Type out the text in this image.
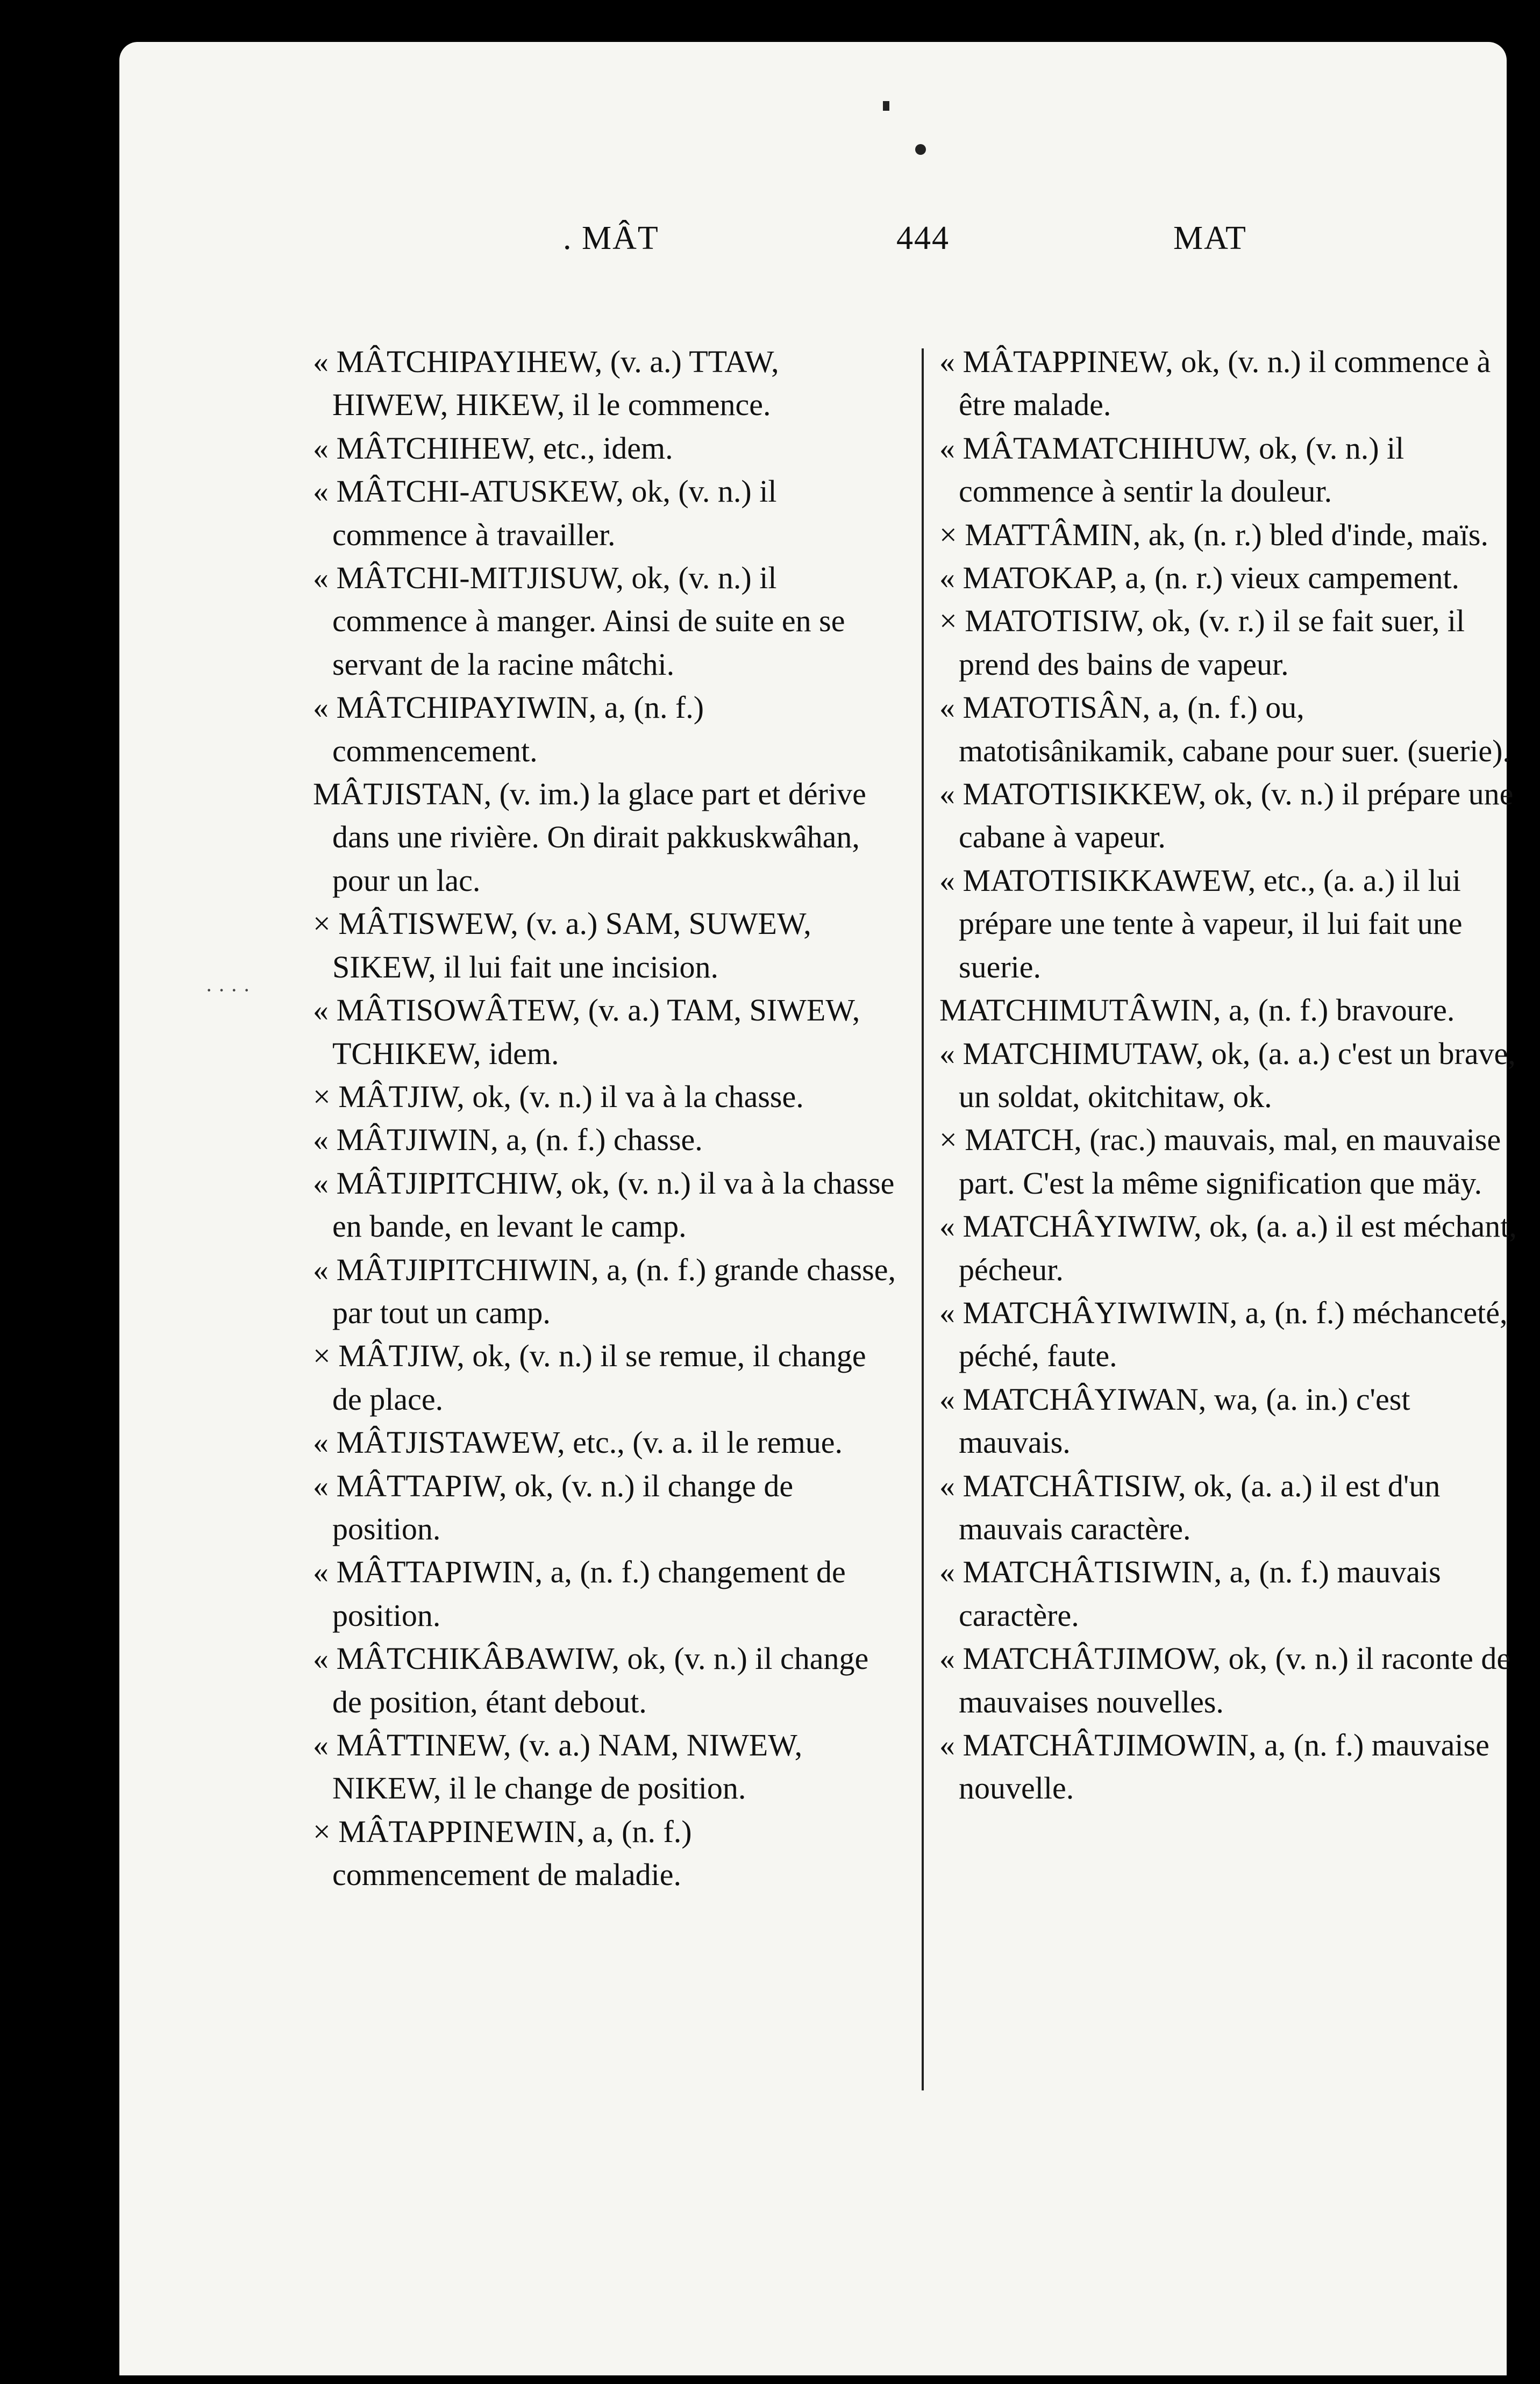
. MÂT	444	MAT

« MÂTCHIPAYIHEW, (v. a.) TTAW, HIWEW, HIKEW, il le commence.

« MÂTCHIHEW, etc., idem.

« MÂTCHI-ATUSKEW, ok, (v. n.) il commence à travailler.

« MÂTCHI-MITJISUW, ok, (v. n.) il commence à manger. Ainsi de suite en se servant de la racine mâtchi.

« MÂTCHIPAYIWIN, a, (n. f.) commencement.

MÂTJISTAN, (v. im.) la glace part et dérive dans une rivière. On dirait pakkuskwâhan, pour un lac.

× MÂTISWEW, (v. a.) SAM, SUWEW, SIKEW, il lui fait une incision.

« MÂTISOWÂTEW, (v. a.) TAM, SIWEW, TCHIKEW, idem.

× MÂTJIW, ok, (v. n.) il va à la chasse.

« MÂTJIWIN, a, (n. f.) chasse.

« MÂTJIPITCHIW, ok, (v. n.) il va à la chasse en bande, en levant le camp.

« MÂTJIPITCHIWIN, a, (n. f.) grande chasse, par tout un camp.

× MÂTJIW, ok, (v. n.) il se remue, il change de place.

« MÂTJISTAWEW, etc., (v. a. il le remue.

« MÂTTAPIW, ok, (v. n.) il change de position.

« MÂTTAPIWIN, a, (n. f.) changement de position.

« MÂTCHIKÂBAWIW, ok, (v. n.) il change de position, étant debout.

« MÂTTINEW, (v. a.) NAM, NIWEW, NIKEW, il le change de position.

× MÂTAPPINEWIN, a, (n. f.) commencement de maladie.

« MÂTAPPINEW, ok, (v. n.) il commence à être malade.

« MÂTAMATCHIHUW, ok, (v. n.) il commence à sentir la douleur.

× MATTÂMIN, ak, (n. r.) bled d'inde, maïs.

« MATOKAP, a, (n. r.) vieux campement.

× MATOTISIW, ok, (v. r.) il se fait suer, il prend des bains de vapeur.

« MATOTISÂN, a, (n. f.) ou, matotisânikamik, cabane pour suer. (suerie).

« MATOTISIKKEW, ok, (v. n.) il prépare une cabane à vapeur.

« MATOTISIKKAWEW, etc., (a. a.) il lui prépare une tente à vapeur, il lui fait une suerie.

MATCHIMUTÂWIN, a, (n. f.) bravoure.

« MATCHIMUTAW, ok, (a. a.) c'est un brave, un soldat, okitchitaw, ok.

× MATCH, (rac.) mauvais, mal, en mauvaise part. C'est la même signification que mäy.

« MATCHÂYIWIW, ok, (a. a.) il est méchant, pécheur.

« MATCHÂYIWIWIN, a, (n. f.) méchanceté, péché, faute.

« MATCHÂYIWAN, wa, (a. in.) c'est mauvais.

« MATCHÂTISIW, ok, (a. a.) il est d'un mauvais caractère.

« MATCHÂTISIWIN, a, (n. f.) mauvais caractère.

« MATCHÂTJIMOW, ok, (v. n.) il raconte de mauvaises nouvelles.

« MATCHÂTJIMOWIN, a, (n. f.) mauvaise nouvelle.

· · · ·
